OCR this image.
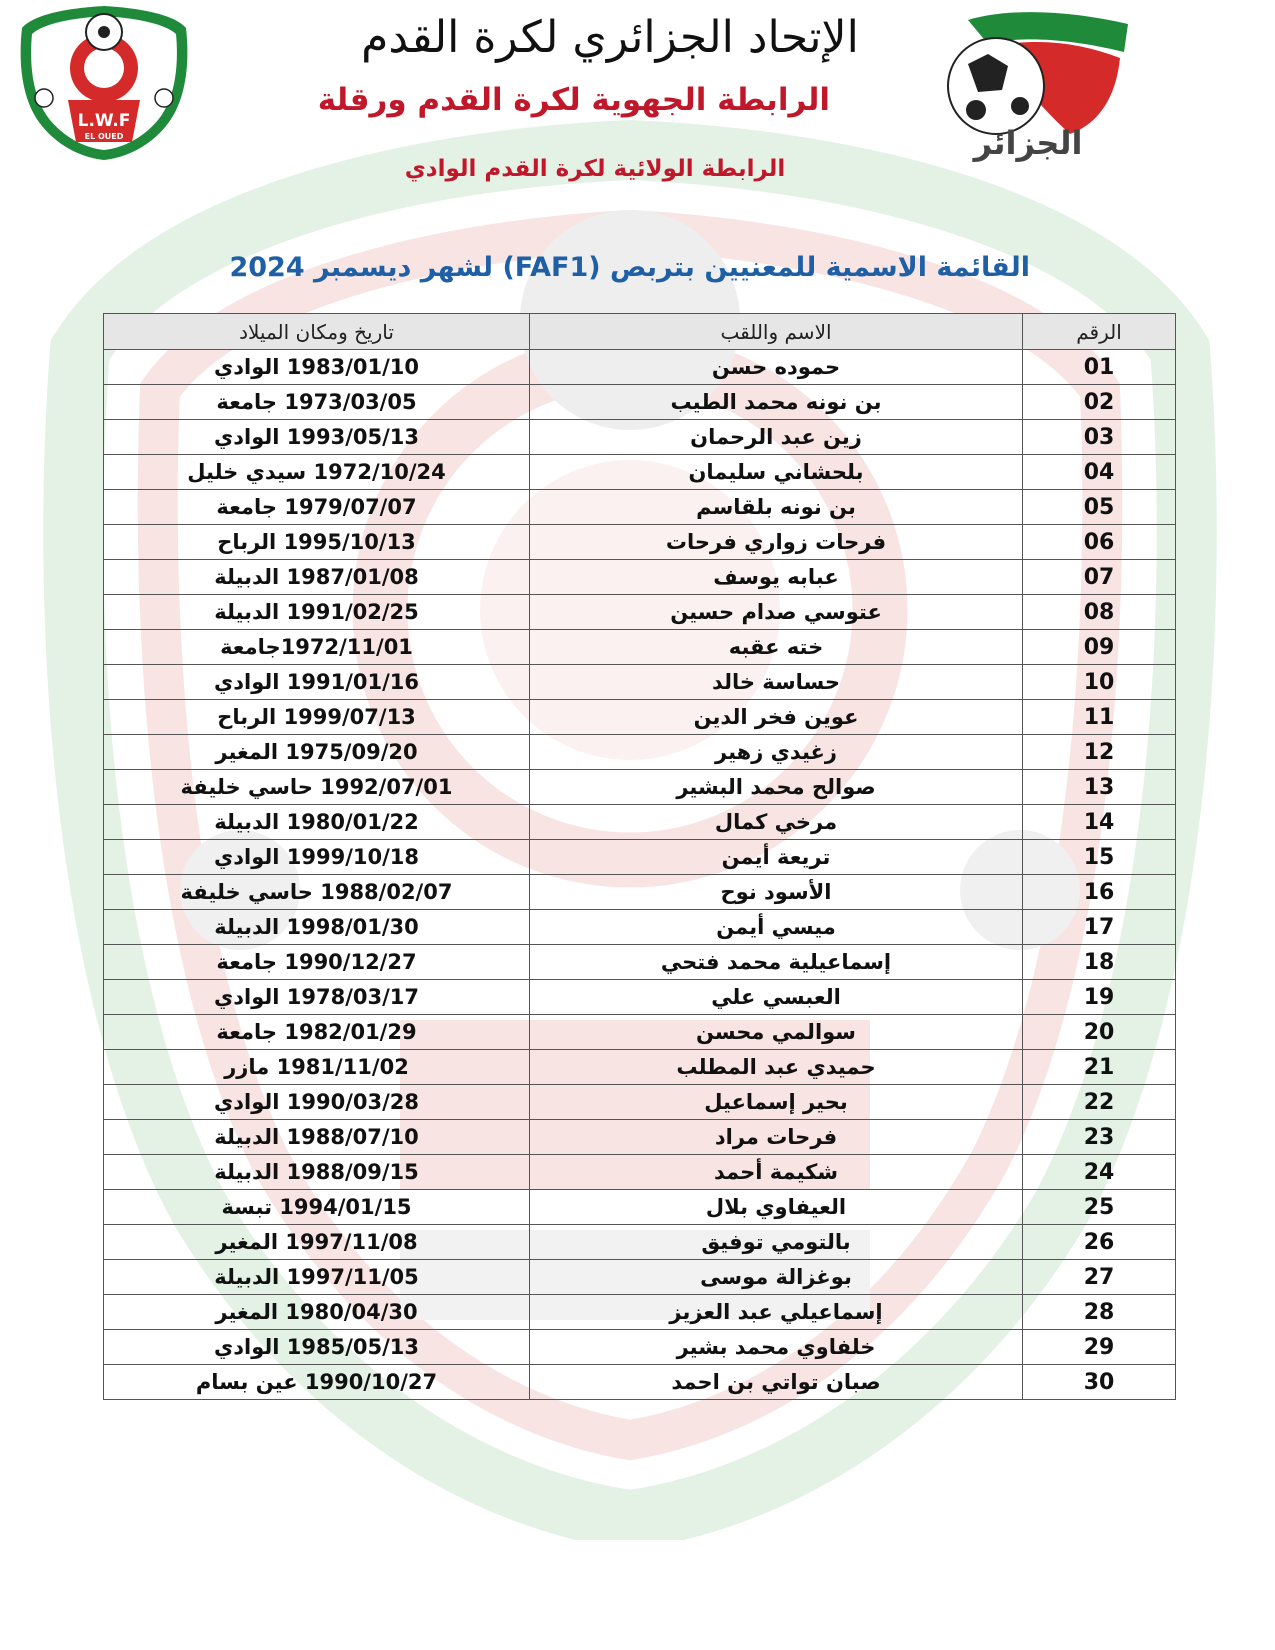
L.W.F
EL OUED	الجزائر
الإتحاد الجزائري لكرة القدم
الرابطة الجهوية لكرة القدم ورقلة
الرابطة الولائية لكرة القدم الوادي
القائمة الاسمية للمعنيين بتربص (FAF1) لشهر ديسمبر 2024
الرقم	الاسم واللقب	تاريخ ومكان الميلاد
01	حموده حسن	1983/01/10 الوادي
02	بن نونه محمد الطيب	1973/03/05 جامعة
03	زين عبد الرحمان	1993/05/13 الوادي
04	بلحشاني سليمان	1972/10/24 سيدي خليل
05	بن نونه بلقاسم	1979/07/07 جامعة
06	فرحات زواري فرحات	1995/10/13 الرباح
07	عبابه يوسف	1987/01/08 الدبيلة
08	عتوسي صدام حسين	1991/02/25 الدبيلة
09	خته عقبه	1972/11/01جامعة
10	حساسة خالد	1991/01/16 الوادي
11	عوين فخر الدين	1999/07/13 الرباح
12	زغيدي زهير	1975/09/20 المغير
13	صوالح محمد البشير	1992/07/01 حاسي خليفة
14	مرخي كمال	1980/01/22 الدبيلة
15	تريعة أيمن	1999/10/18 الوادي
16	الأسود نوح	1988/02/07 حاسي خليفة
17	ميسي أيمن	1998/01/30 الدبيلة
18	إسماعيلية محمد فتحي	1990/12/27 جامعة
19	العبسي علي	1978/03/17 الوادي
20	سوالمي محسن	1982/01/29 جامعة
21	حميدي عبد المطلب	1981/11/02 مازر
22	بحير إسماعيل	1990/03/28 الوادي
23	فرحات مراد	1988/07/10 الدبيلة
24	شكيمة أحمد	1988/09/15 الدبيلة
25	العيفاوي بلال	1994/01/15 تبسة
26	بالتومي توفيق	1997/11/08 المغير
27	بوغزالة موسى	1997/11/05 الدبيلة
28	إسماعيلي عبد العزيز	1980/04/30 المغير
29	خلفاوي محمد بشير	1985/05/13 الوادي
30	صبان تواتي بن احمد	1990/10/27 عين بسام
